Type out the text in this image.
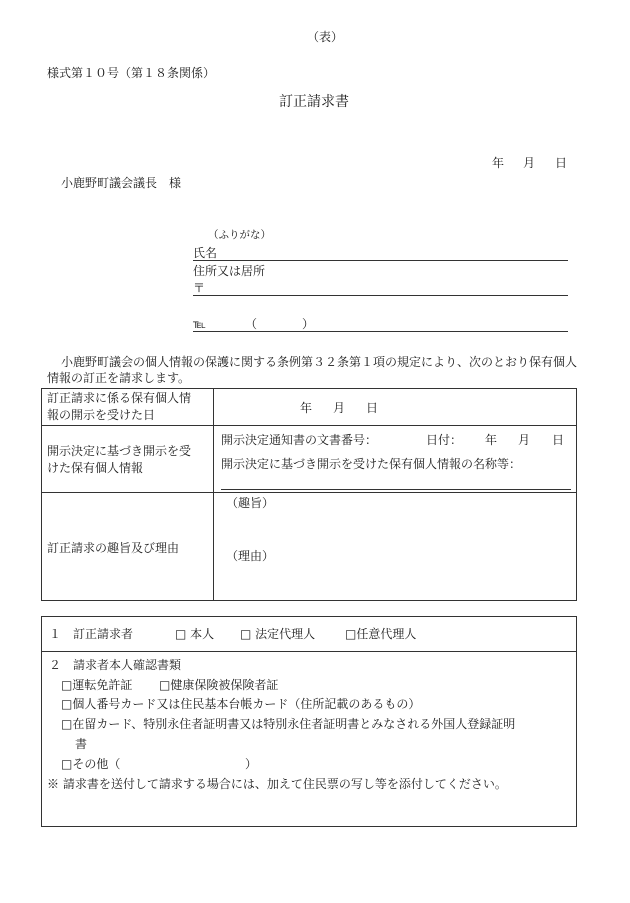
（表）
様式第１０号（第１８条関係）
訂正請求書
年 月 日
小鹿野町議会議長　様
（ふりがな）
氏名
住所又は居所
〒
℡	（	）
小鹿野町議会の個人情報の保護に関する条例第３２条第１項の規定により、次のとおり保有個人
情報の訂正を請求します。
訂正請求に係る保有個人情
報の開示を受けた日	年 月 日
開示決定に基づき開示を受
けた保有個人情報
開示決定通知書の文書番号：	日付： 年 月 日
開示決定に基づき開示を受けた保有個人情報の名称等：
訂正請求の趣旨及び理由
（趣旨）
（理由）
１　訂正請求者	□ 本人 □ 法定代理人 □任意代理人
２　請求者本人確認書類
□運転免許証 □健康保険被保険者証
□個人番号カード又は住民基本台帳カード（住所記載のあるもの）
□在留カード、特別永住者証明書又は特別永住者証明書とみなされる外国人登録証明
書
□その他（	）
※ 請求書を送付して請求する場合には、加えて住民票の写し等を添付してください。
